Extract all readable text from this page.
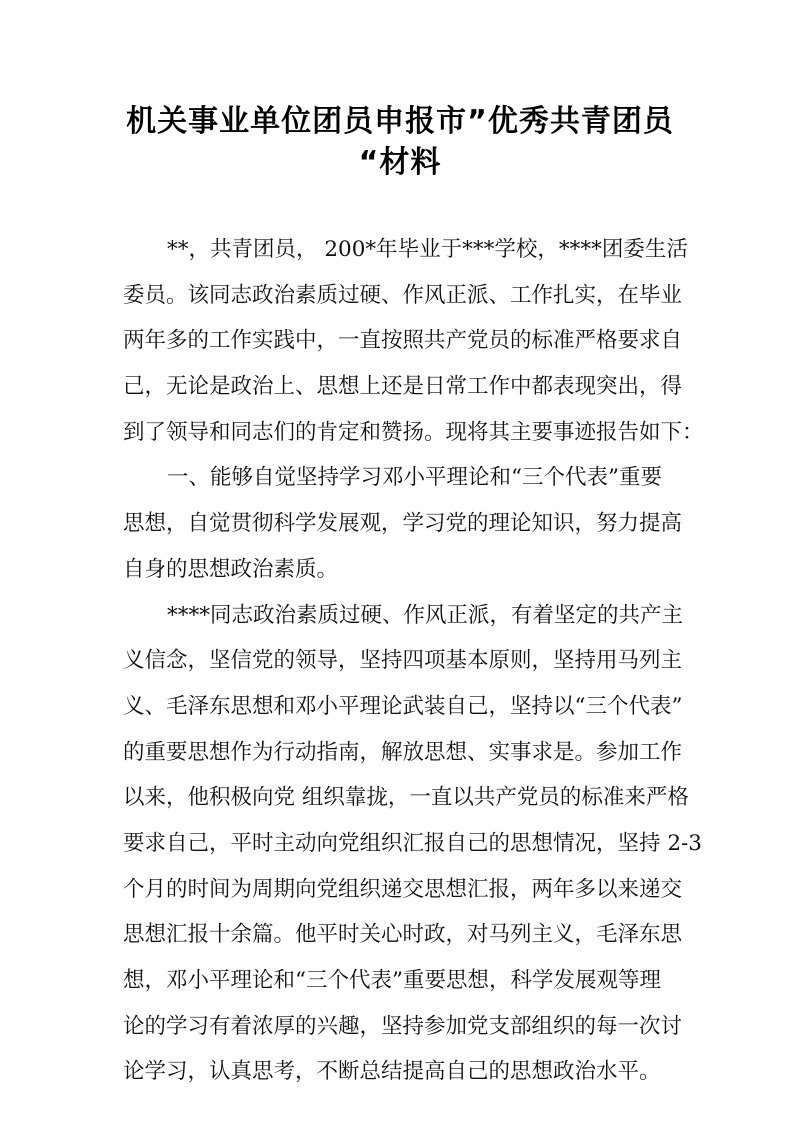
机关事业单位团员申报市”优秀共青团员
“材料
**，共青团员， 200*年毕业于***学校，****团委生活
委员。该同志政治素质过硬、作风正派、工作扎实，在毕业
两年多的工作实践中，一直按照共产党员的标准严格要求自
己，无论是政治上、思想上还是日常工作中都表现突出，得
到了领导和同志们的肯定和赞扬。现将其主要事迹报告如下：
一、能够自觉坚持学习邓小平理论和“三个代表”重要
思想，自觉贯彻科学发展观，学习党的理论知识，努力提高
自身的思想政治素质。
****同志政治素质过硬、作风正派，有着坚定的共产主
义信念，坚信党的领导，坚持四项基本原则，坚持用马列主
义、毛泽东思想和邓小平理论武装自己，坚持以“三个代表”
的重要思想作为行动指南，解放思想、实事求是。参加工作
以来，他积极向党 组织靠拢，一直以共产党员的标准来严格
要求自己，平时主动向党组织汇报自己的思想情况，坚持 2-3
个月的时间为周期向党组织递交思想汇报，两年多以来递交
思想汇报十余篇。他平时关心时政，对马列主义，毛泽东思
想，邓小平理论和“三个代表”重要思想，科学发展观等理
论的学习有着浓厚的兴趣，坚持参加党支部组织的每一次讨
论学习，认真思考，不断总结提高自己的思想政治水平。
